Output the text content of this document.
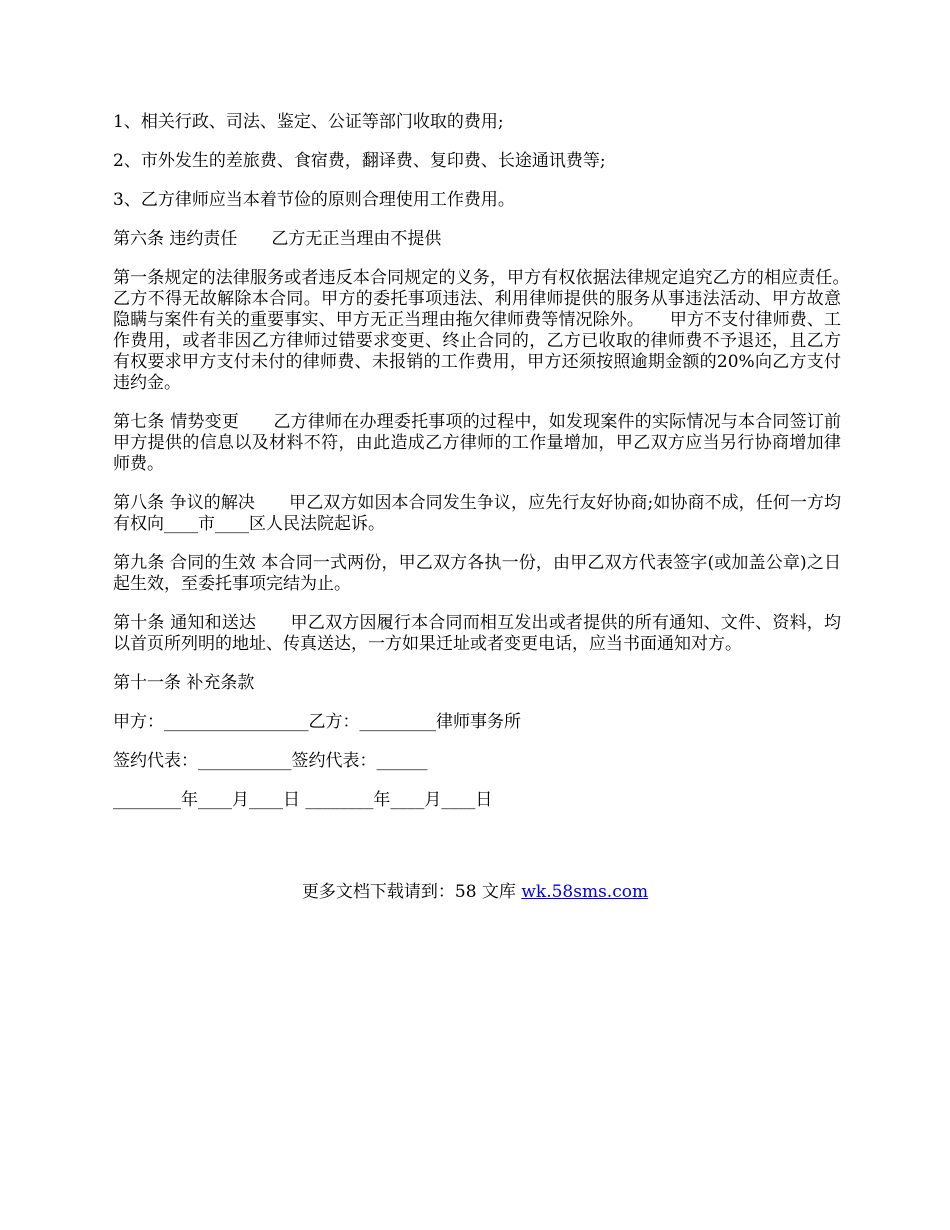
1、相关行政、司法、鉴定、公证等部门收取的费用;

2、市外发生的差旅费、食宿费，翻译费、复印费、长途通讯费等;

3、乙方律师应当本着节俭的原则合理使用工作费用。

第六条 违约责任　　乙方无正当理由不提供

第一条规定的法律服务或者违反本合同规定的义务，甲方有权依据法律规定追究乙方的相应责任。　　乙方不得无故解除本合同。甲方的委托事项违法、利用律师提供的服务从事违法活动、甲方故意隐瞒与案件有关的重要事实、甲方无正当理由拖欠律师费等情况除外。　　甲方不支付律师费、工作费用，或者非因乙方律师过错要求变更、终止合同的，乙方已收取的律师费不予退还，且乙方有权要求甲方支付未付的律师费、未报销的工作费用，甲方还须按照逾期金额的20%向乙方支付违约金。

第七条 情势变更　　乙方律师在办理委托事项的过程中，如发现案件的实际情况与本合同签订前甲方提供的信息以及材料不符，由此造成乙方律师的工作量增加，甲乙双方应当另行协商增加律师费。

第八条 争议的解决　　甲乙双方如因本合同发生争议，应先行友好协商;如协商不成，任何一方均有权向____市____区人民法院起诉。

第九条 合同的生效 本合同一式两份，甲乙双方各执一份，由甲乙双方代表签字(或加盖公章)之日起生效，至委托事项完结为止。

第十条 通知和送达　　甲乙双方因履行本合同而相互发出或者提供的所有通知、文件、资料，均以首页所列明的地址、传真送达，一方如果迁址或者变更电话，应当书面通知对方。

第十一条 补充条款

甲方：_________________乙方：_________律师事务所

签约代表：___________签约代表：______

________年____月____日 ________年____月____日

更多文档下载请到：58 文库 wk.58sms.com
